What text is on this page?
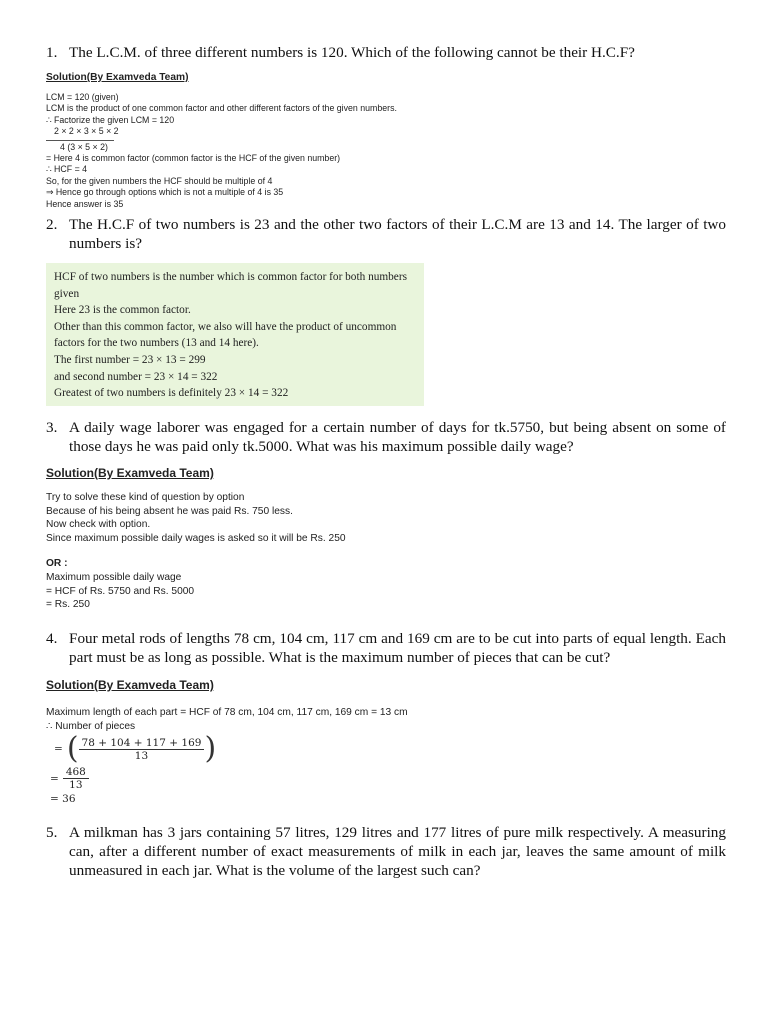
1. The L.C.M. of three different numbers is 120. Which of the following cannot be their H.C.F?
Solution(By Examveda Team)
LCM = 120 (given)
LCM is the product of one common factor and other different factors of the given numbers.
∴ Factorize the given LCM = 120
2 × 2 × 3 × 5 × 2
4 (3 × 5 × 2)
= Here 4 is common factor (common factor is the HCF of the given number)
∴ HCF = 4
So, for the given numbers the HCF should be multiple of 4
⇒ Hence go through options which is not a multiple of 4 is 35
Hence answer is 35
2. The H.C.F of two numbers is 23 and the other two factors of their L.C.M are 13 and 14. The larger of two numbers is?
HCF of two numbers is the number which is common factor for both numbers
given
Here 23 is the common factor.
Other than this common factor, we also will have the product of uncommon
factors for the two numbers (13 and 14 here).
The first number = 23 × 13 = 299
and second number = 23 × 14 = 322
Greatest of two numbers is definitely 23 × 14 = 322
3. A daily wage laborer was engaged for a certain number of days for tk.5750, but being absent on some of those days he was paid only tk.5000. What was his maximum possible daily wage?
Solution(By Examveda Team)
Try to solve these kind of question by option
Because of his being absent he was paid Rs. 750 less.
Now check with option.
Since maximum possible daily wages is asked so it will be Rs. 250
OR :
Maximum possible daily wage
= HCF of Rs. 5750 and Rs. 5000
= Rs. 250
4. Four metal rods of lengths 78 cm, 104 cm, 117 cm and 169 cm are to be cut into parts of equal length. Each part must be as long as possible. What is the maximum number of pieces that can be cut?
Solution(By Examveda Team)
Maximum length of each part = HCF of 78 cm, 104 cm, 117 cm, 169 cm = 13 cm
∴ Number of pieces
= ( $\frac{78 + 104 + 117 + 169}{13}$ )
= $\frac{468}{13}$
= 36
5. A milkman has 3 jars containing 57 litres, 129 litres and 177 litres of pure milk respectively. A measuring can, after a different number of exact measurements of milk in each jar, leaves the same amount of milk unmeasured in each jar. What is the volume of the largest such can?
